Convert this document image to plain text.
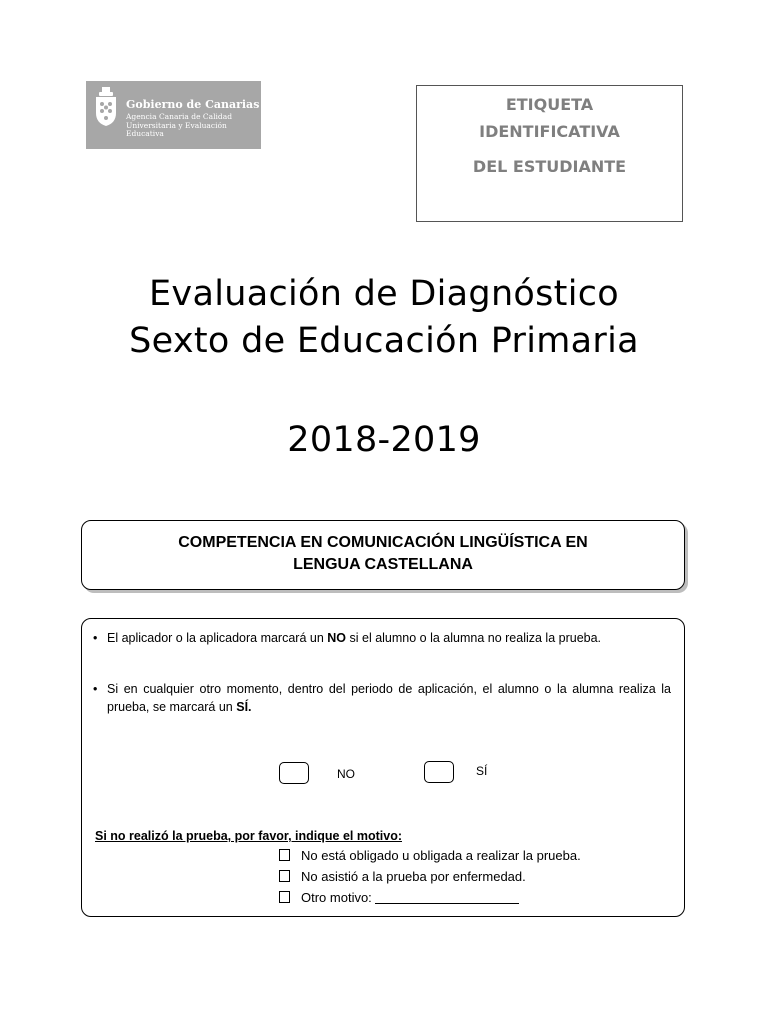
Gobierno de Canarias
Agencia Canaria de Calidad
Universitaria y Evaluación
Educativa
ETIQUETA
IDENTIFICATIVA
DEL ESTUDIANTE
Evaluación de Diagnóstico
Sexto de Educación Primaria
2018-2019
COMPETENCIA EN COMUNICACIÓN LINGÜÍSTICA EN
LENGUA CASTELLANA
• El aplicador o la aplicadora marcará un NO si el alumno o la alumna no realiza la prueba.
• Si en cualquier otro momento, dentro del periodo de aplicación, el alumno o la alumna realiza la prueba, se marcará un SÍ.
NO	SÍ
Si no realizó la prueba, por favor, indique el motivo:
No está obligado u obligada a realizar la prueba.
No asistió a la prueba por enfermedad.
Otro motivo:
